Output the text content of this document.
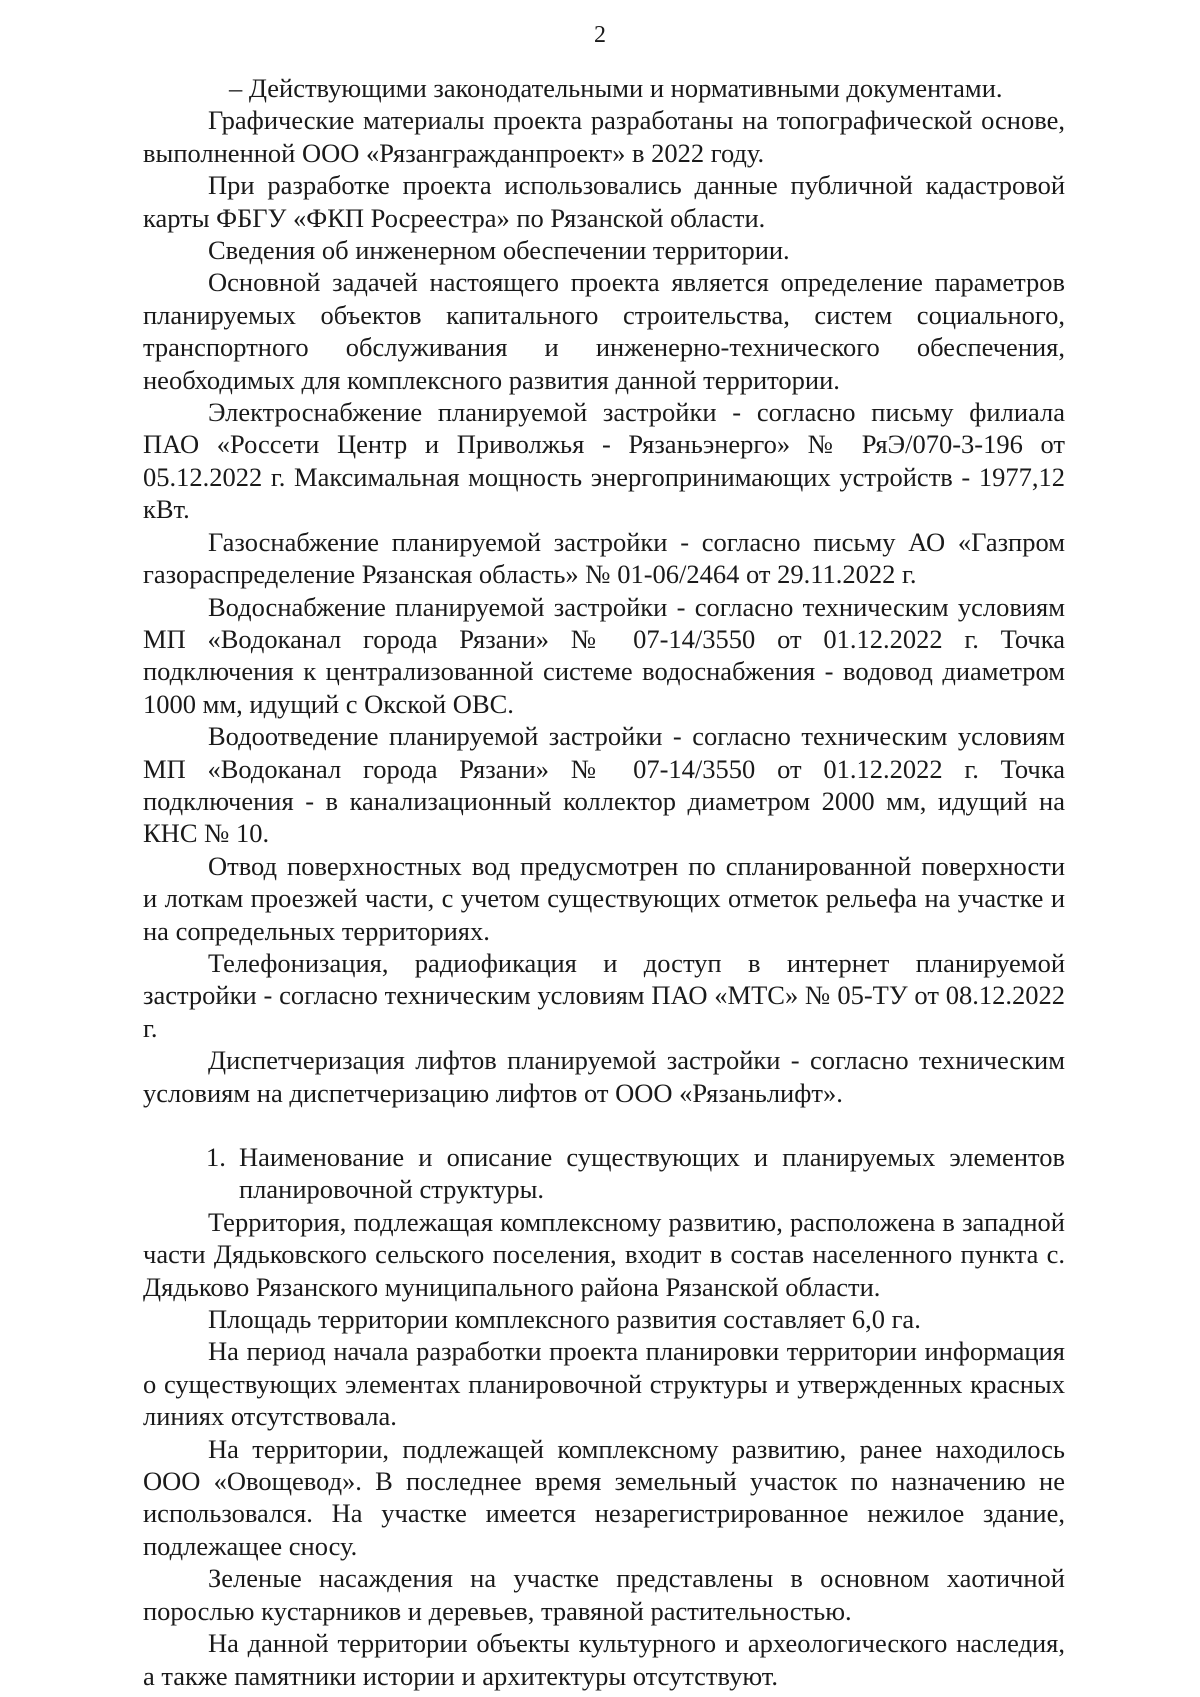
2

– Действующими законодательными и нормативными документами.

Графические материалы проекта разработаны на топографической основе, выполненной ООО «Рязангражданпроект» в 2022 году.

При разработке проекта использовались данные публичной кадастровой карты ФБГУ «ФКП Росреестра» по Рязанской области.

Сведения об инженерном обеспечении территории.

Основной задачей настоящего проекта является определение параметров планируемых объектов капитального строительства, систем социального, транспортного обслуживания и инженерно-технического обеспечения, необходимых для комплексного развития данной территории.

Электроснабжение планируемой застройки - согласно письму филиала ПАО «Россети Центр и Приволжья - Рязаньэнерго» № РяЭ/070-3-196 от 05.12.2022 г. Максимальная мощность энергопринимающих устройств - 1977,12 кВт.

Газоснабжение планируемой застройки - согласно письму АО «Газпром газораспределение Рязанская область» № 01-06/2464 от 29.11.2022 г.

Водоснабжение планируемой застройки - согласно техническим условиям МП «Водоканал города Рязани» № 07-14/3550 от 01.12.2022 г. Точка подключения к централизованной системе водоснабжения - водовод диаметром 1000 мм, идущий с Окской ОВС.

Водоотведение планируемой застройки - согласно техническим условиям МП «Водоканал города Рязани» № 07-14/3550 от 01.12.2022 г. Точка подключения - в канализационный коллектор диаметром 2000 мм, идущий на КНС № 10.

Отвод поверхностных вод предусмотрен по спланированной поверхности и лоткам проезжей части, с учетом существующих отметок рельефа на участке и на сопредельных территориях.

Телефонизация, радиофикация и доступ в интернет планируемой застройки - согласно техническим условиям ПАО «МТС» № 05-ТУ от 08.12.2022 г.

Диспетчеризация лифтов планируемой застройки - согласно техническим условиям на диспетчеризацию лифтов от ООО «Рязаньлифт».

1. Наименование и описание существующих и планируемых элементов планировочной структуры.

Территория, подлежащая комплексному развитию, расположена в западной части Дядьковского сельского поселения, входит в состав населенного пункта с. Дядьково Рязанского муниципального района Рязанской области.

Площадь территории комплексного развития составляет 6,0 га.

На период начала разработки проекта планировки территории информация о существующих элементах планировочной структуры и утвержденных красных линиях отсутствовала.

На территории, подлежащей комплексному развитию, ранее находилось ООО «Овощевод». В последнее время земельный участок по назначению не использовался. На участке имеется незарегистрированное нежилое здание, подлежащее сносу.

Зеленые насаждения на участке представлены в основном хаотичной порослью кустарников и деревьев, травяной растительностью.

На данной территории объекты культурного и археологического наследия, а также памятники истории и архитектуры отсутствуют.
